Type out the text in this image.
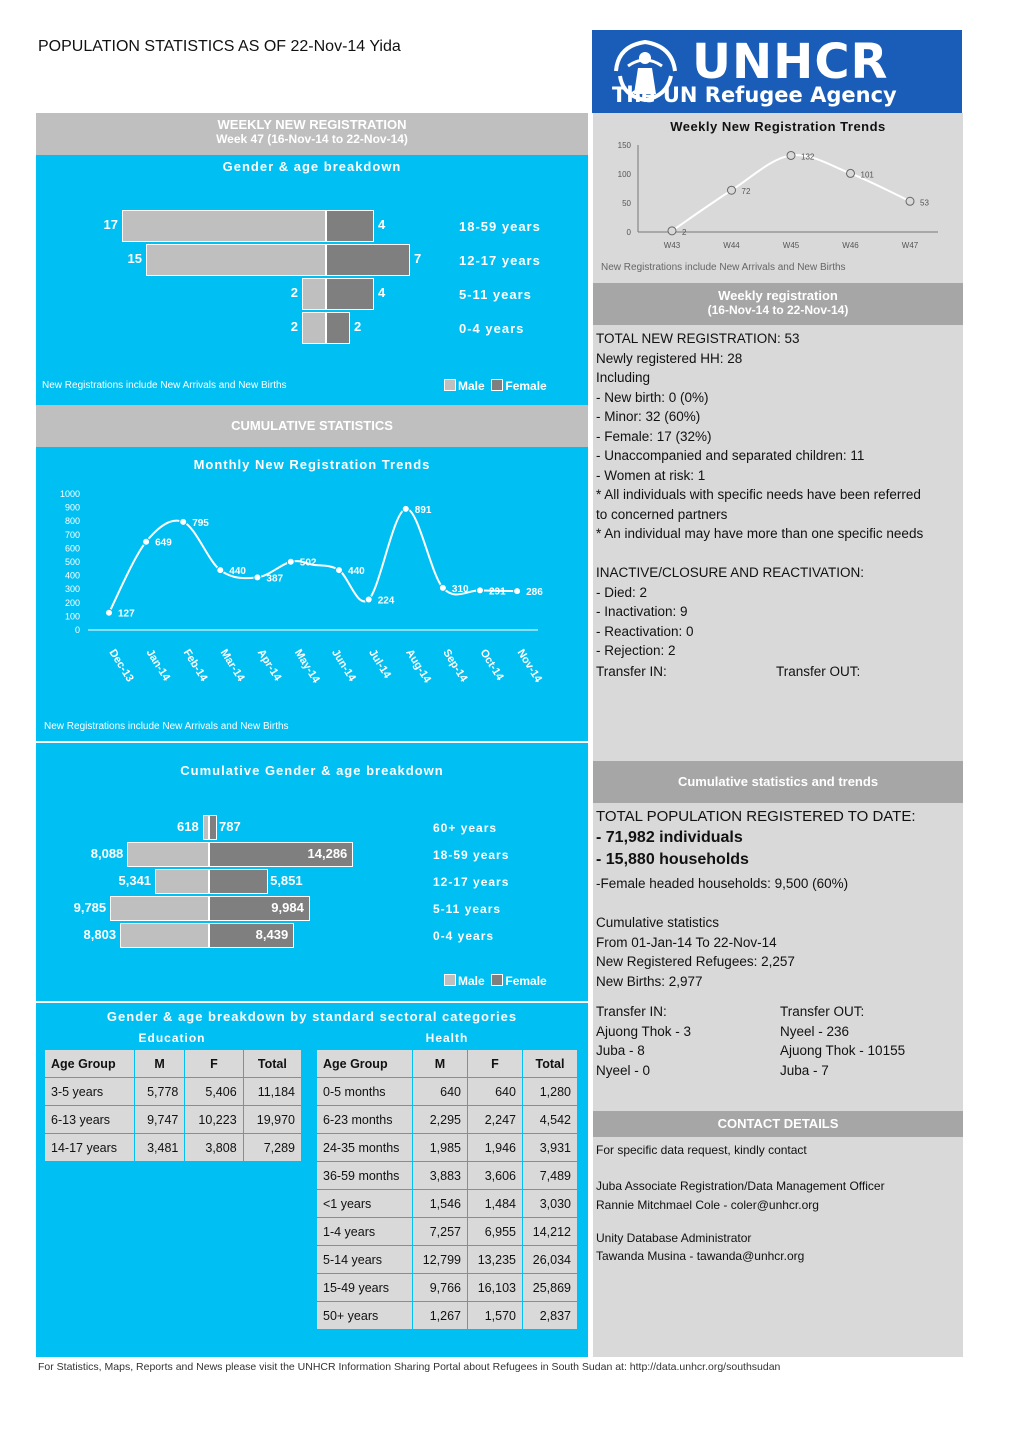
POPULATION STATISTICS AS OF 22-Nov-14 Yida	UNHCR
The UN Refugee Agency
WEEKLY NEW REGISTRATION
Week 47 (16-Nov-14 to 22-Nov-14)
Gender & age breakdown
17	4	18-59 years
15	7	12-17 years
2	4	5-11 years
2	2	0-4 years
New Registrations include New Arrivals and New Births	Male Female
CUMULATIVE STATISTICS
Monthly New Registration Trends
0
100
200
300
400
500
600
700
800
900
1000
127
649
795
440
387
502
440
224
891
310 291 286
Dec-13 Jan-14 Feb-14 Mar-14 Apr-14 May-14 Jun-14 Jul-14 Aug-14 Sep-14 Oct-14 Nov-14
New Registrations include New Arrivals and New Births
Cumulative Gender & age breakdown
618 787	60+ years
8,088	14,286	18-59 years
5,341	5,851	12-17 years
9,785	9,984	5-11 years
8,803	8,439	0-4 years
Male Female
Gender & age breakdown by standard sectoral categories
Education	Health
Age Group	M	F	Total
3-5 years	5,778	5,406	11,184
6-13 years	9,747	10,223	19,970
14-17 years	3,481	3,808	7,289
Age Group	M	F	Total
0-5 months	640	640	1,280
6-23 months	2,295	2,247	4,542
24-35 months	1,985	1,946	3,931
36-59 months	3,883	3,606	7,489
<1 years	1,546	1,484	3,030
1-4 years	7,257	6,955	14,212
5-14 years	12,799	13,235	26,034
15-49 years	9,766	16,103	25,869
50+ years	1,267	1,570	2,837
Weekly New Registration Trends
0
50
100
150
2
72
132
101
53
W43	W44	W45	W46	W47
New Registrations include New Arrivals and New Births
Weekly registration
(16-Nov-14 to 22-Nov-14)
TOTAL NEW REGISTRATION: 53
Newly registered HH: 28
Including
- New birth: 0 (0%)
- Minor: 32 (60%)
- Female: 17 (32%)
- Unaccompanied and separated children: 11
- Women at risk: 1
* All individuals with specific needs have been referred
to concerned partners
* An individual may have more than one specific needs

INACTIVE/CLOSURE AND REACTIVATION:
- Died: 2
- Inactivation: 9
- Reactivation: 0
- Rejection: 2
Transfer IN:	Transfer OUT:
Cumulative statistics and trends
TOTAL POPULATION REGISTERED TO DATE:
- 71,982 individuals
- 15,880 households
-Female headed households: 9,500 (60%)
Cumulative statistics
From 01-Jan-14 To 22-Nov-14
New Registered Refugees: 2,257
New Births: 2,977
Transfer IN:
Ajuong Thok - 3
Juba - 8
Nyeel - 0
Transfer OUT:
Nyeel - 236
Ajuong Thok - 10155
Juba - 7
CONTACT DETAILS
For specific data request, kindly contact
Juba Associate Registration/Data Management Officer
Rannie Mitchmael Cole - coler@unhcr.org
Unity Database Administrator
Tawanda Musina - tawanda@unhcr.org
For Statistics, Maps, Reports and News please visit the UNHCR Information Sharing Portal about Refugees in South Sudan at: http://data.unhcr.org/southsudan
